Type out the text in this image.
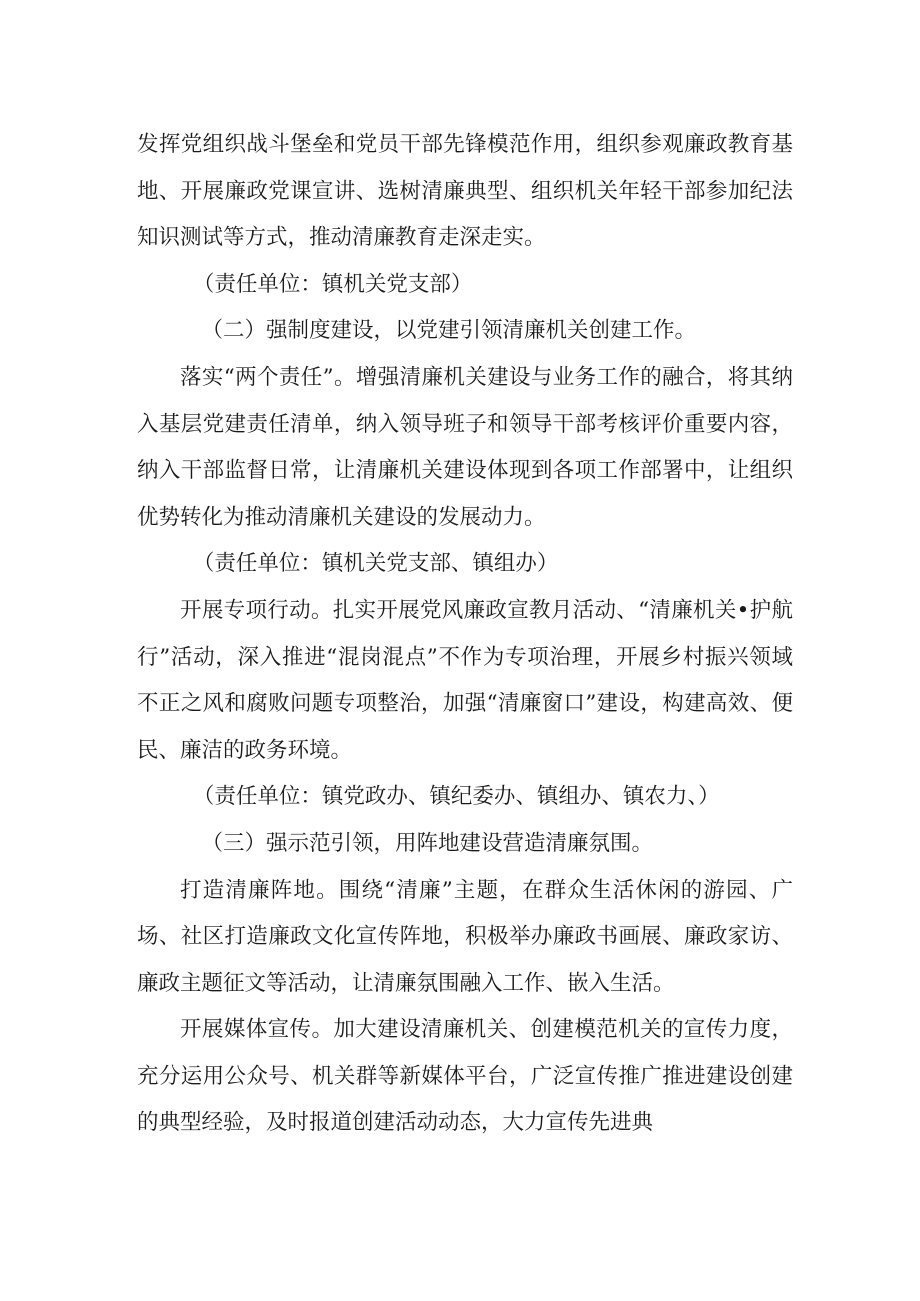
发挥党组织战斗堡垒和党员干部先锋模范作用，组织参观廉政教育基地、开展廉政党课宣讲、选树清廉典型、组织机关年轻干部参加纪法知识测试等方式，推动清廉教育走深走实。

（责任单位：镇机关党支部）

（二）强制度建设，以党建引领清廉机关创建工作。

落实“两个责任”。增强清廉机关建设与业务工作的融合，将其纳入基层党建责任清单，纳入领导班子和领导干部考核评价重要内容，纳入干部监督日常，让清廉机关建设体现到各项工作部署中，让组织优势转化为推动清廉机关建设的发展动力。

（责任单位：镇机关党支部、镇组办）

开展专项行动。扎实开展党风廉政宣教月活动、“清廉机关•护航行”活动，深入推进“混岗混点”不作为专项治理，开展乡村振兴领域不正之风和腐败问题专项整治，加强“清廉窗口”建设，构建高效、便民、廉洁的政务环境。

（责任单位：镇党政办、镇纪委办、镇组办、镇农力、）

（三）强示范引领，用阵地建设营造清廉氛围。

打造清廉阵地。围绕“清廉”主题，在群众生活休闲的游园、广场、社区打造廉政文化宣传阵地，积极举办廉政书画展、廉政家访、廉政主题征文等活动，让清廉氛围融入工作、嵌入生活。

开展媒体宣传。加大建设清廉机关、创建模范机关的宣传力度，充分运用公众号、机关群等新媒体平台，广泛宣传推广推进建设创建的典型经验，及时报道创建活动动态，大力宣传先进典
